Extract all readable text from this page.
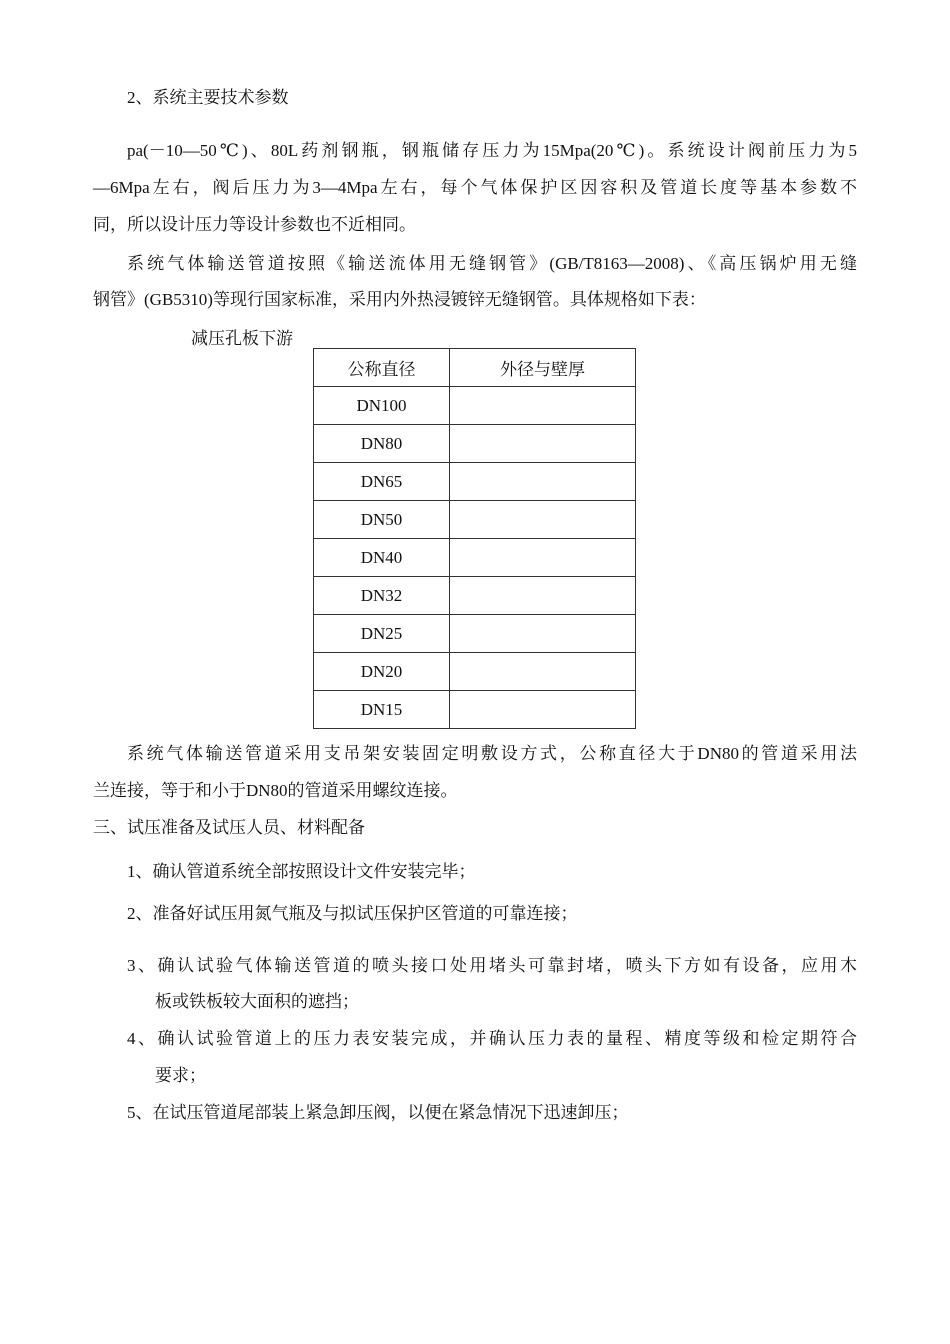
2、系统主要技术参数
pa(－10—50℃)、80L药剂钢瓶，钢瓶储存压力为15Mpa(20℃)。系统设计阀前压力为5
—6Mpa左右，阀后压力为3—4Mpa左右，每个气体保护区因容积及管道长度等基本参数不
同，所以设计压力等设计参数也不近相同。
系统气体输送管道按照《输送流体用无缝钢管》(GB/T8163—2008)、《高压锅炉用无缝
钢管》(GB5310)等现行国家标准，采用内外热浸镀锌无缝钢管。具体规格如下表：
减压孔板下游
公称直径	外径与壁厚
DN100	
DN80	
DN65	
DN50	
DN40	
DN32	
DN25	
DN20	
DN15	
系统气体输送管道采用支吊架安装固定明敷设方式，公称直径大于DN80的管道采用法
兰连接，等于和小于DN80的管道采用螺纹连接。
三、试压准备及试压人员、材料配备
1、确认管道系统全部按照设计文件安装完毕；
2、准备好试压用氮气瓶及与拟试压保护区管道的可靠连接；
3、确认试验气体输送管道的喷头接口处用堵头可靠封堵，喷头下方如有设备，应用木
板或铁板较大面积的遮挡；
4、确认试验管道上的压力表安装完成，并确认压力表的量程、精度等级和检定期符合
要求；
5、在试压管道尾部装上紧急卸压阀，以便在紧急情况下迅速卸压；
